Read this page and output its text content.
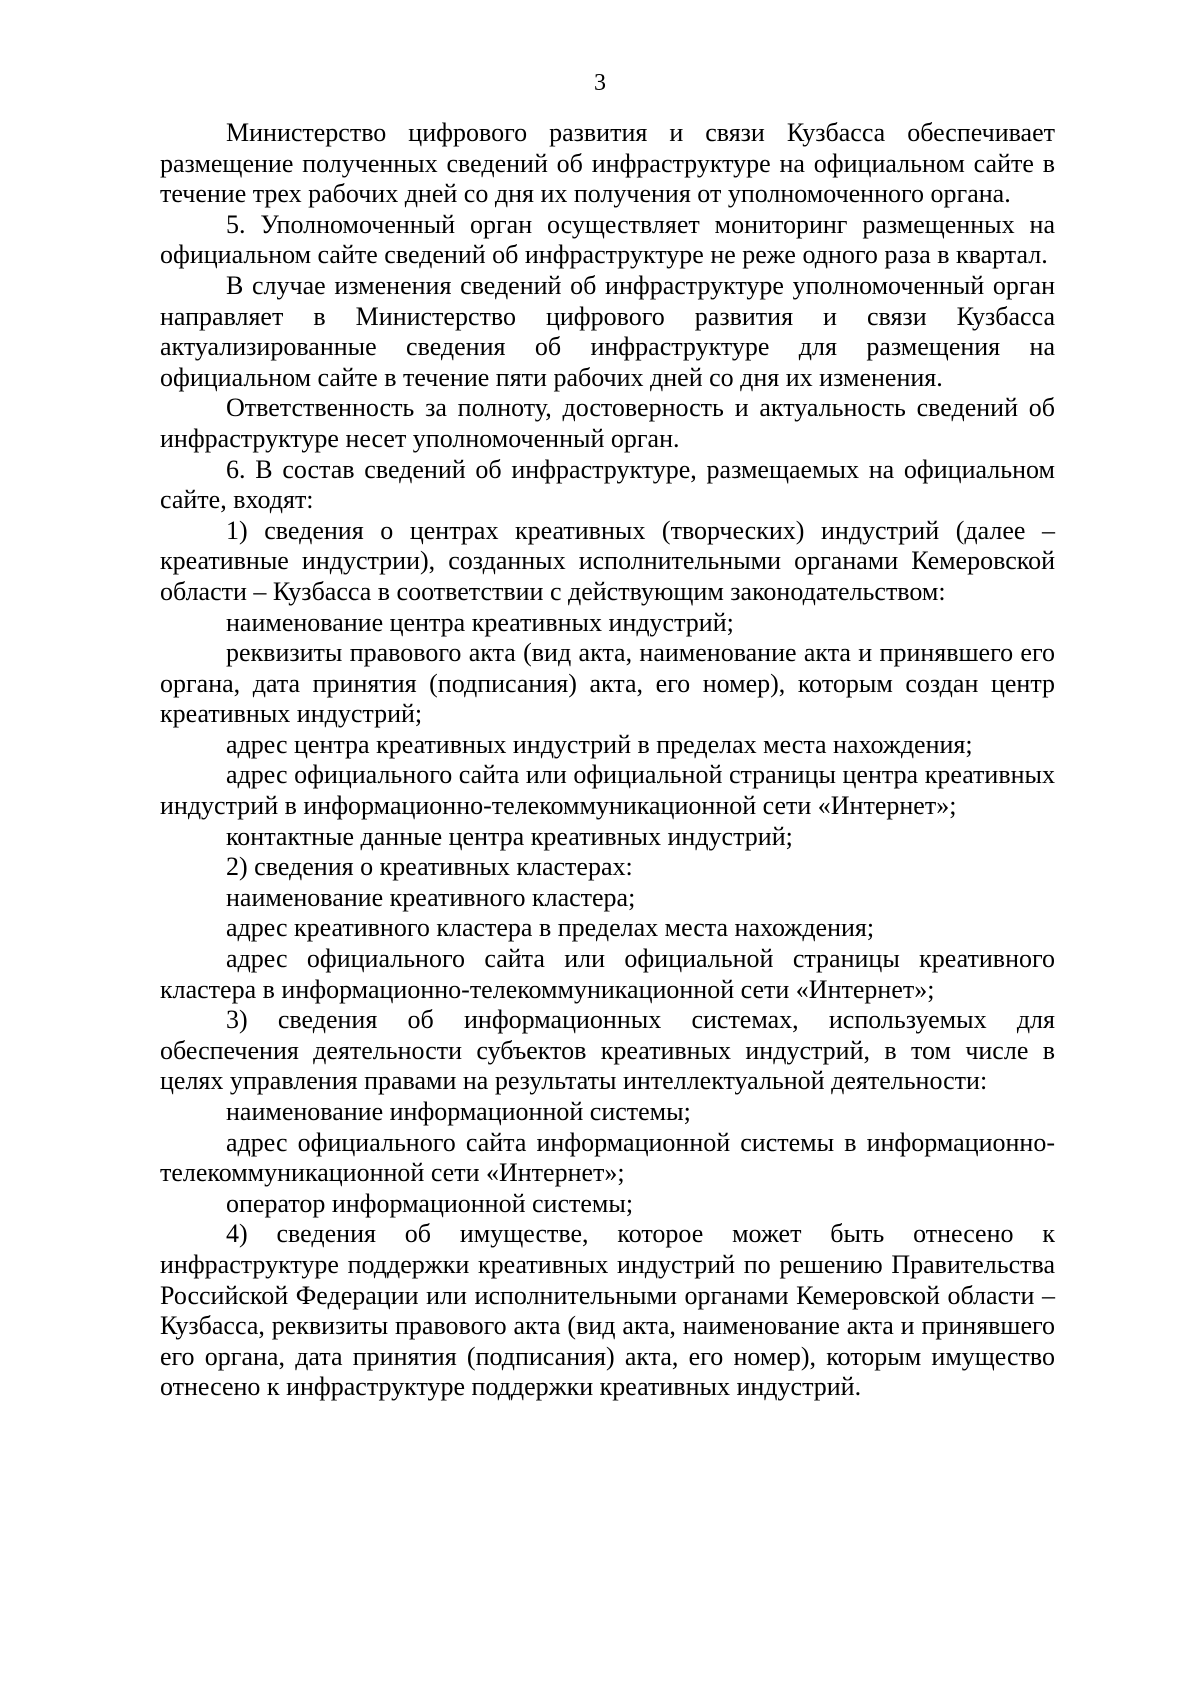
3

Министерство цифрового развития и связи Кузбасса обеспечивает размещение полученных сведений об инфраструктуре на официальном сайте в течение трех рабочих дней со дня их получения от уполномоченного органа.

5. Уполномоченный орган осуществляет мониторинг размещенных на официальном сайте сведений об инфраструктуре не реже одного раза в квартал.

В случае изменения сведений об инфраструктуре уполномоченный орган направляет в Министерство цифрового развития и связи Кузбасса актуализированные сведения об инфраструктуре для размещения на официальном сайте в течение пяти рабочих дней со дня их изменения.

Ответственность за полноту, достоверность и актуальность сведений об инфраструктуре несет уполномоченный орган.

6. В состав сведений об инфраструктуре, размещаемых на официальном сайте, входят:

1) сведения о центрах креативных (творческих) индустрий (далее – креативные индустрии), созданных исполнительными органами Кемеровской области – Кузбасса в соответствии с действующим законодательством:

наименование центра креативных индустрий;

реквизиты правового акта (вид акта, наименование акта и принявшего его органа, дата принятия (подписания) акта, его номер), которым создан центр креативных индустрий;

адрес центра креативных индустрий в пределах места нахождения;

адрес официального сайта или официальной страницы центра креативных индустрий в информационно-телекоммуникационной сети «Интернет»;

контактные данные центра креативных индустрий;

2) сведения о креативных кластерах:

наименование креативного кластера;

адрес креативного кластера в пределах места нахождения;

адрес официального сайта или официальной страницы креативного кластера в информационно-телекоммуникационной сети «Интернет»;

3) сведения об информационных системах, используемых для обеспечения деятельности субъектов креативных индустрий, в том числе в целях управления правами на результаты интеллектуальной деятельности:

наименование информационной системы;

адрес официального сайта информационной системы в информационно-телекоммуникационной сети «Интернет»;

оператор информационной системы;

4) сведения об имуществе, которое может быть отнесено к инфраструктуре поддержки креативных индустрий по решению Правительства Российской Федерации или исполнительными органами Кемеровской области – Кузбасса, реквизиты правового акта (вид акта, наименование акта и принявшего его органа, дата принятия (подписания) акта, его номер), которым имущество отнесено к инфраструктуре поддержки креативных индустрий.
